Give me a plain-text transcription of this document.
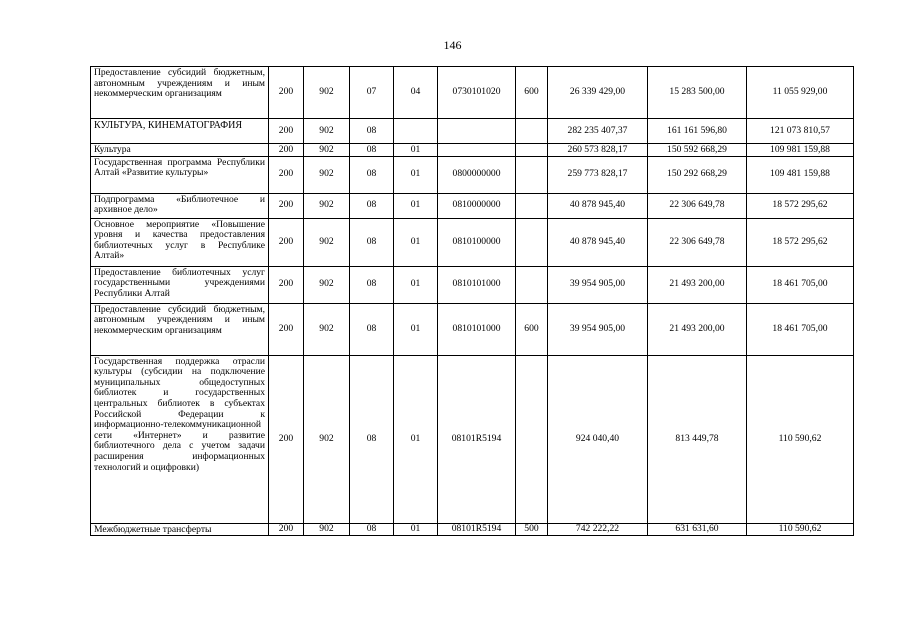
146
Предоставление субсидий бюджетным, автономным учреждениям и иным некоммерческим организациям	200	902	07	04	0730101020	600	26 339 429,00	15 283 500,00	11 055 929,00
КУЛЬТУРА, КИНЕМАТОГРАФИЯ	200	902	08				282 235 407,37	161 161 596,80	121 073 810,57
Культура	200	902	08	01			260 573 828,17	150 592 668,29	109 981 159,88
Государственная программа Республики Алтай «Развитие культуры»	200	902	08	01	0800000000		259 773 828,17	150 292 668,29	109 481 159,88
Подпрограмма «Библиотечное и архивное дело»	200	902	08	01	0810000000		40 878 945,40	22 306 649,78	18 572 295,62
Основное мероприятие «Повышение уровня и качества предоставления библиотечных услуг в Республике Алтай»	200	902	08	01	0810100000		40 878 945,40	22 306 649,78	18 572 295,62
Предоставление библиотечных услуг государственными учреждениями Республики Алтай	200	902	08	01	0810101000		39 954 905,00	21 493 200,00	18 461 705,00
Предоставление субсидий бюджетным, автономным учреждениям и иным некоммерческим организациям	200	902	08	01	0810101000	600	39 954 905,00	21 493 200,00	18 461 705,00
Государственная поддержка отрасли культуры (субсидии на подключение муниципальных общедоступных библиотек и государственных центральных библиотек в субъектах Российской Федерации к информационно-телекоммуникационной сети «Интернет» и развитие библиотечного дела с учетом задачи расширения информационных технологий и оцифровки)	200	902	08	01	08101R5194		924 040,40	813 449,78	110 590,62
Межбюджетные трансферты	200	902	08	01	08101R5194	500	742 222,22	631 631,60	110 590,62
